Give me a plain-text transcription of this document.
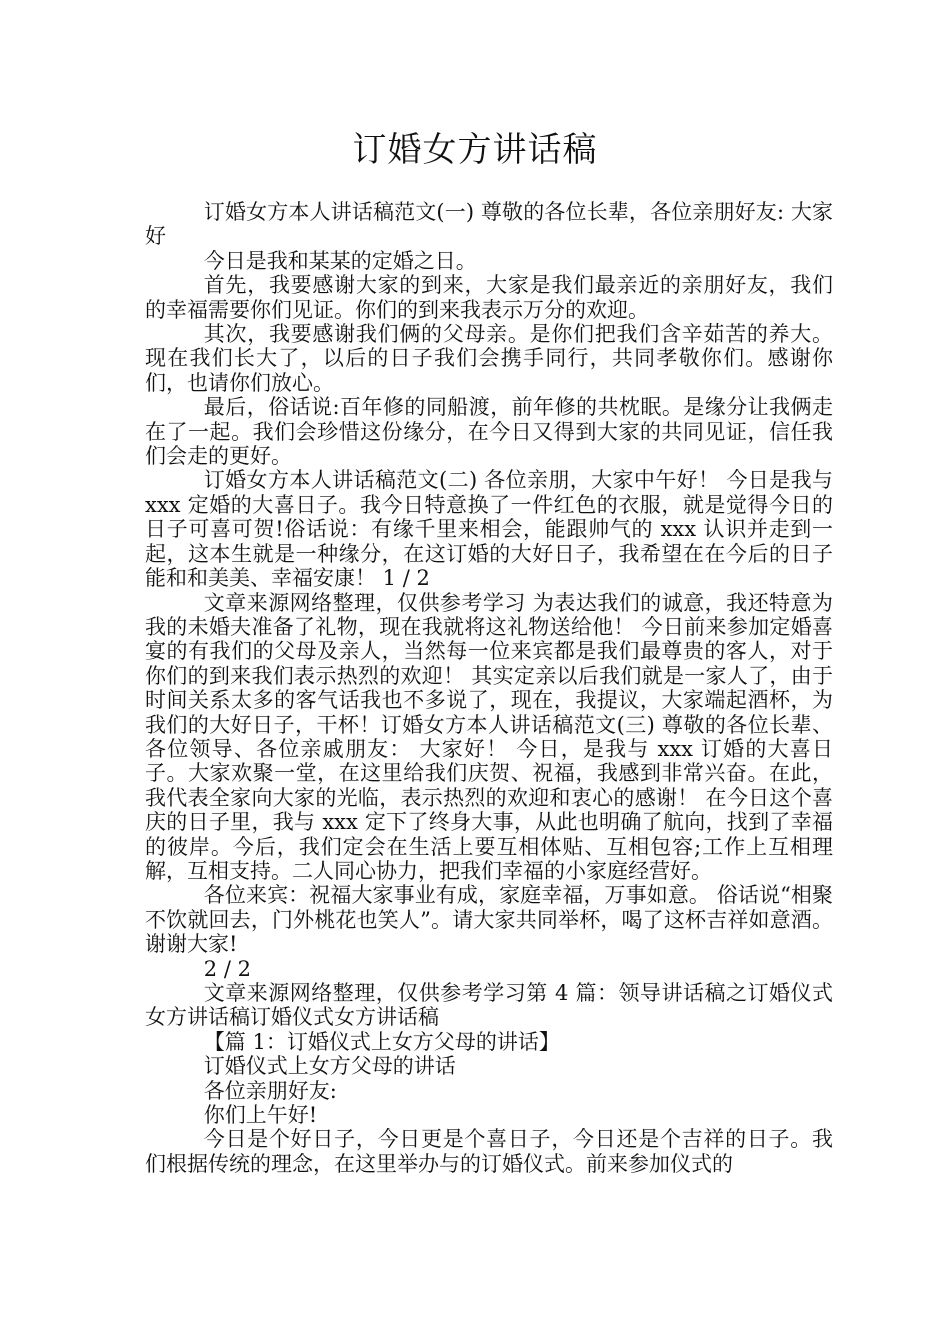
订婚女方讲话稿

订婚女方本人讲话稿范文(一) 尊敬的各位长辈，各位亲朋好友: 大家好

今日是我和某某的定婚之日。

首先，我要感谢大家的到来，大家是我们最亲近的亲朋好友，我们的幸福需要你们见证。你们的到来我表示万分的欢迎。

其次，我要感谢我们俩的父母亲。是你们把我们含辛茹苦的养大。现在我们长大了，以后的日子我们会携手同行，共同孝敬你们。感谢你们，也请你们放心。

最后，俗话说:百年修的同船渡，前年修的共枕眠。是缘分让我俩走在了一起。我们会珍惜这份缘分，在今日又得到大家的共同见证，信任我们会走的更好。

订婚女方本人讲话稿范文(二) 各位亲朋，大家中午好！ 今日是我与 xxx 定婚的大喜日子。我今日特意换了一件红色的衣服，就是觉得今日的日子可喜可贺!俗话说：有缘千里来相会，能跟帅气的 xxx 认识并走到一起，这本生就是一种缘分，在这订婚的大好日子，我希望在在今后的日子能和和美美、幸福安康！ 1 / 2

文章来源网络整理，仅供参考学习 为表达我们的诚意，我还特意为我的未婚夫准备了礼物，现在我就将这礼物送给他！ 今日前来参加定婚喜宴的有我们的父母及亲人，当然每一位来宾都是我们最尊贵的客人，对于你们的到来我们表示热烈的欢迎！ 其实定亲以后我们就是一家人了，由于时间关系太多的客气话我也不多说了，现在，我提议，大家端起酒杯，为我们的大好日子，干杯！订婚女方本人讲话稿范文(三) 尊敬的各位长辈、各位领导、各位亲戚朋友： 大家好！ 今日，是我与 xxx 订婚的大喜日子。大家欢聚一堂，在这里给我们庆贺、祝福，我感到非常兴奋。在此，我代表全家向大家的光临，表示热烈的欢迎和衷心的感谢！ 在今日这个喜庆的日子里，我与 xxx 定下了终身大事，从此也明确了航向，找到了幸福的彼岸。今后，我们定会在生活上要互相体贴、互相包容;工作上互相理解，互相支持。二人同心协力，把我们幸福的小家庭经营好。

各位来宾：祝福大家事业有成，家庭幸福，万事如意。 俗话说“相聚不饮就回去，门外桃花也笑人”。请大家共同举杯，喝了这杯吉祥如意酒。 谢谢大家!

2 / 2

文章来源网络整理，仅供参考学习第 4 篇：领导讲话稿之订婚仪式女方讲话稿订婚仪式女方讲话稿

【篇 1：订婚仪式上女方父母的讲话】

订婚仪式上女方父母的讲话

各位亲朋好友:

你们上午好!

今日是个好日子，今日更是个喜日子，今日还是个吉祥的日子。我们根据传统的理念，在这里举办与的订婚仪式。前来参加仪式的
